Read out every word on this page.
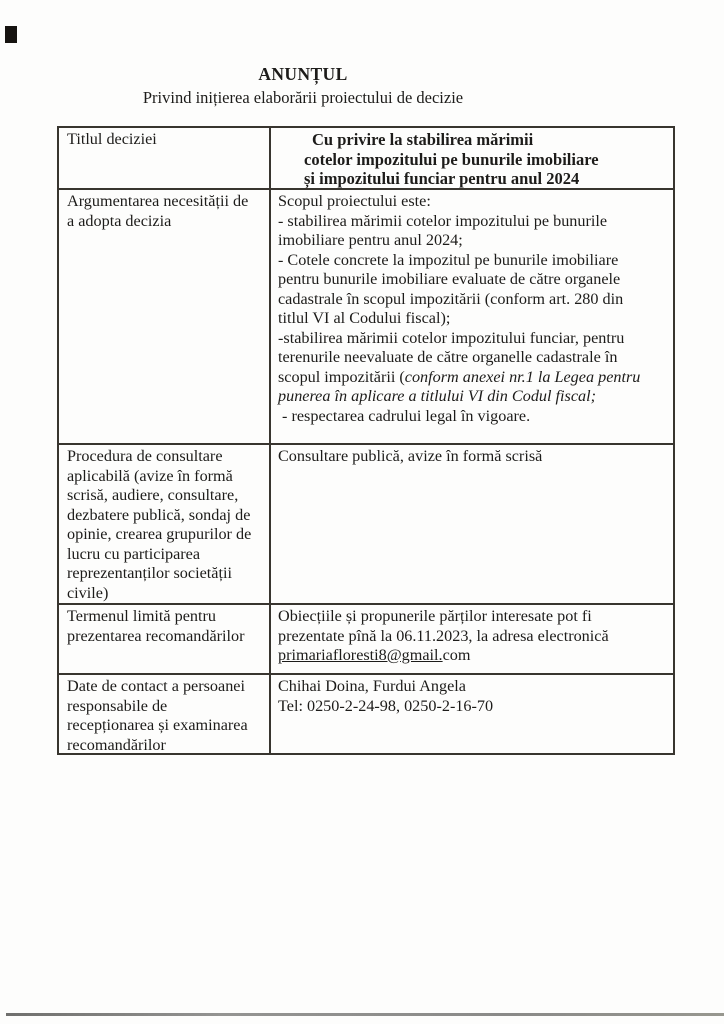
ANUNȚUL
Privind inițierea elaborării proiectului de decizie
Titlul deciziei	Cu privire la stabilirea mărimii
cotelor impozitului pe bunurile imobiliare
și impozitului funciar pentru anul 2024
Argumentarea necesității de
a adopta decizia
Scopul proiectului este:
- stabilirea mărimii cotelor impozitului pe bunurile
imobiliare pentru anul 2024;
- Cotele concrete la impozitul pe bunurile imobiliare
pentru bunurile imobiliare evaluate de către organele
cadastrale în scopul impozitării (conform art. 280 din
titlul VI al Codului fiscal);
-stabilirea mărimii cotelor impozitului funciar, pentru
terenurile neevaluate de către organelle cadastrale în
scopul impozitării (conform anexei nr.1 la Legea pentru
punerea în aplicare a titlului VI din Codul fiscal;
- respectarea cadrului legal în vigoare.
Procedura de consultare
aplicabilă (avize în formă
scrisă, audiere, consultare,
dezbatere publică, sondaj de
opinie, crearea grupurilor de
lucru cu participarea
reprezentanților societății
civile)
Consultare publică, avize în formă scrisă
Termenul limită pentru
prezentarea recomandărilor
Obiecțiile și propunerile părților interesate pot fi
prezentate pînă la 06.11.2023, la adresa electronică
primariafloresti8@gmail.com
Date de contact a persoanei
responsabile de
recepționarea și examinarea
recomandărilor
Chihai Doina, Furdui Angela
Tel: 0250-2-24-98, 0250-2-16-70
